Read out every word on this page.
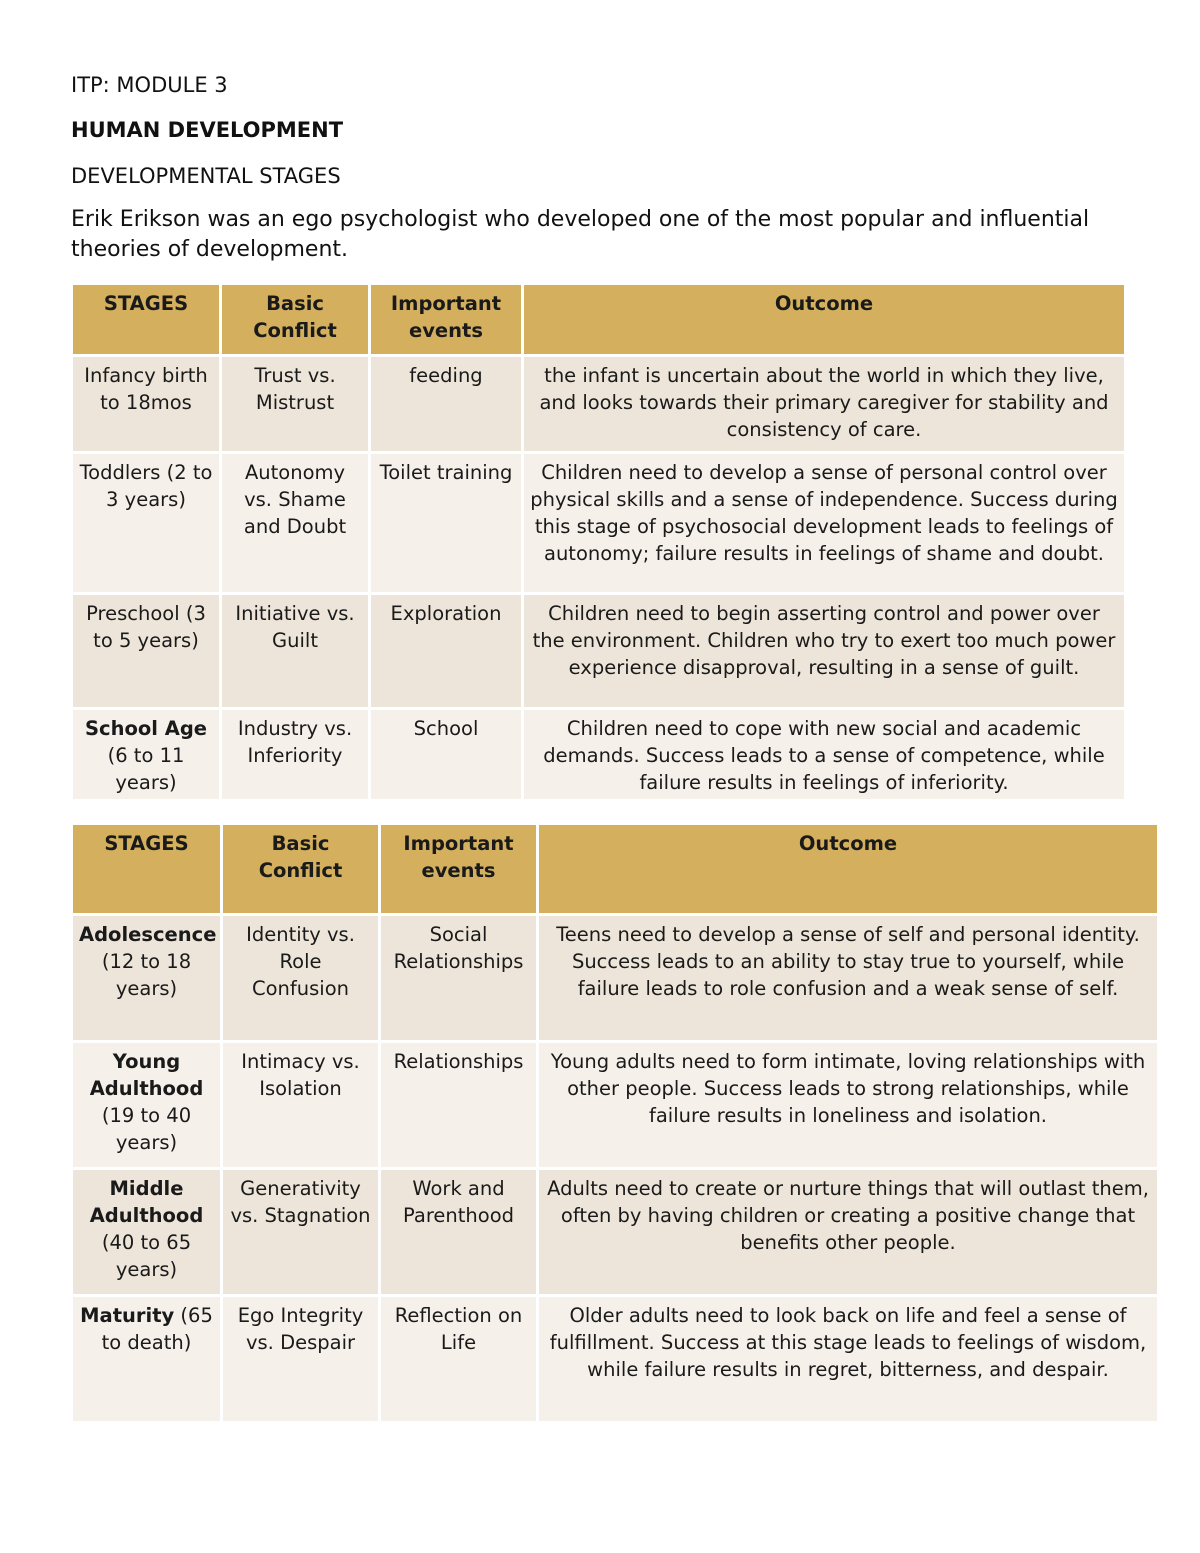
ITP: MODULE 3
HUMAN DEVELOPMENT
DEVELOPMENTAL STAGES
Erik Erikson was an ego psychologist who developed one of the most popular and influential theories of development.
STAGES	Basic Conflict	Important events	Outcome
Infancy birth to 18mos	Trust vs. Mistrust	feeding	the infant is uncertain about the world in which they live, and looks towards their primary caregiver for stability and consistency of care.
Toddlers (2 to 3 years)	Autonomy vs. Shame and Doubt	Toilet training	Children need to develop a sense of personal control over physical skills and a sense of independence. Success during this stage of psychosocial development leads to feelings of autonomy; failure results in feelings of shame and doubt.
Preschool (3 to 5 years)	Initiative vs. Guilt	Exploration	Children need to begin asserting control and power over the environment. Children who try to exert too much power experience disapproval, resulting in a sense of guilt.
School Age (6 to 11 years)	Industry vs. Inferiority	School	Children need to cope with new social and academic demands. Success leads to a sense of competence, while failure results in feelings of inferiority.
STAGES	Basic Conflict	Important events	Outcome
Adolescence (12 to 18 years)	Identity vs. Role Confusion	Social Relationships	Teens need to develop a sense of self and personal identity. Success leads to an ability to stay true to yourself, while failure leads to role confusion and a weak sense of self.
Young Adulthood (19 to 40 years)	Intimacy vs. Isolation	Relationships	Young adults need to form intimate, loving relationships with other people. Success leads to strong relationships, while failure results in loneliness and isolation.
Middle Adulthood (40 to 65 years)	Generativity vs. Stagnation	Work and Parenthood	Adults need to create or nurture things that will outlast them, often by having children or creating a positive change that benefits other people.
Maturity (65 to death)	Ego Integrity vs. Despair	Reflection on Life	Older adults need to look back on life and feel a sense of fulfillment. Success at this stage leads to feelings of wisdom, while failure results in regret, bitterness, and despair.
